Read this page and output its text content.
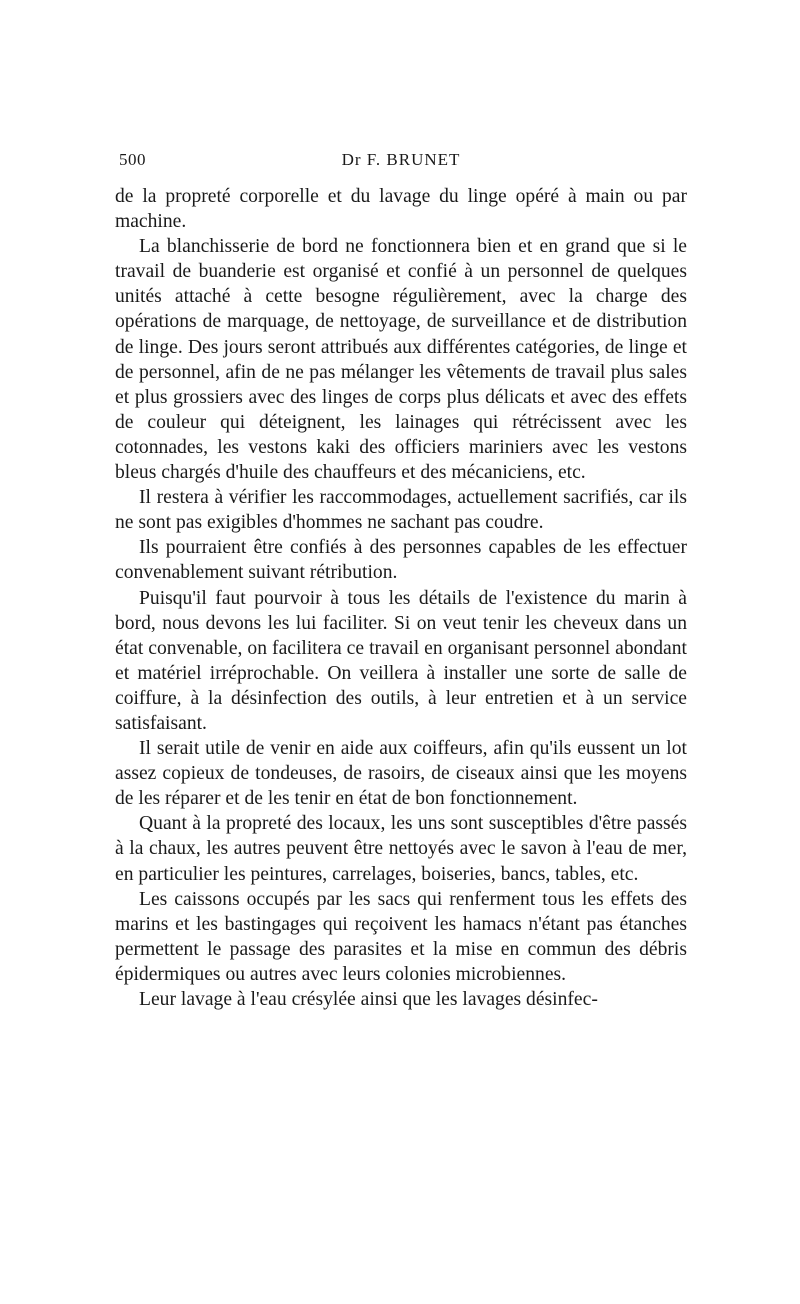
500	Dr F. BRUNET

de la propreté corporelle et du lavage du linge opéré à main ou par machine.

La blanchisserie de bord ne fonctionnera bien et en grand que si le travail de buanderie est organisé et confié à un personnel de quelques unités attaché à cette besogne régulièrement, avec la charge des opérations de marquage, de nettoyage, de surveillance et de distribution de linge. Des jours seront attribués aux différentes catégories, de linge et de personnel, afin de ne pas mélanger les vêtements de travail plus sales et plus grossiers avec des linges de corps plus délicats et avec des effets de couleur qui déteignent, les lainages qui rétrécissent avec les cotonnades, les vestons kaki des officiers mariniers avec les vestons bleus chargés d'huile des chauffeurs et des mécaniciens, etc.

Il restera à vérifier les raccommodages, actuellement sacrifiés, car ils ne sont pas exigibles d'hommes ne sachant pas coudre.

Ils pourraient être confiés à des personnes capables de les effectuer convenablement suivant rétribution.

Puisqu'il faut pourvoir à tous les détails de l'existence du marin à bord, nous devons les lui faciliter. Si on veut tenir les cheveux dans un état convenable, on facilitera ce travail en organisant personnel abondant et matériel irréprochable. On veillera à installer une sorte de salle de coiffure, à la désinfection des outils, à leur entretien et à un service satisfaisant.

Il serait utile de venir en aide aux coiffeurs, afin qu'ils eussent un lot assez copieux de tondeuses, de rasoirs, de ciseaux ainsi que les moyens de les réparer et de les tenir en état de bon fonctionnement.

Quant à la propreté des locaux, les uns sont susceptibles d'être passés à la chaux, les autres peuvent être nettoyés avec le savon à l'eau de mer, en particulier les peintures, carrelages, boiseries, bancs, tables, etc.

Les caissons occupés par les sacs qui renferment tous les effets des marins et les bastingages qui reçoivent les hamacs n'étant pas étanches permettent le passage des parasites et la mise en commun des débris épidermiques ou autres avec leurs colonies microbiennes.

Leur lavage à l'eau crésylée ainsi que les lavages désinfec-
